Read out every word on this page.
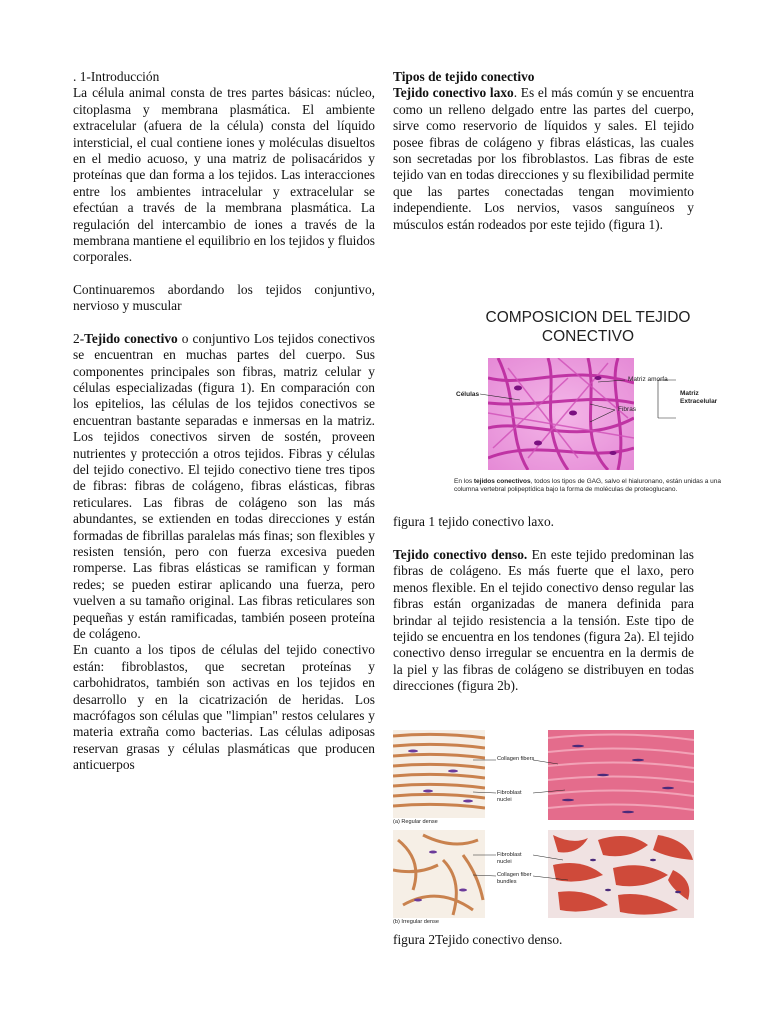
. 1-Introducción

La célula animal consta de tres partes básicas: núcleo, citoplasma y membrana plasmática. El ambiente extracelular (afuera de la célula) consta del líquido intersticial, el cual contiene iones y moléculas disueltos en el medio acuoso, y una matriz de polisacáridos y proteínas que dan forma a los tejidos. Las interacciones entre los ambientes intracelular y extracelular se efectúan a través de la membrana plasmática. La regulación del intercambio de iones a través de la membrana mantiene el equilibrio en los tejidos y fluidos corporales.

Continuaremos abordando los tejidos conjuntivo, nervioso y muscular

2-Tejido conectivo o conjuntivo Los tejidos conectivos se encuentran en muchas partes del cuerpo. Sus componentes principales son fibras, matriz celular y células especializadas (figura 1). En comparación con los epitelios, las células de los tejidos conectivos se encuentran bastante separadas e inmersas en la matriz. Los tejidos conectivos sirven de sostén, proveen nutrientes y protección a otros tejidos. Fibras y células del tejido conectivo. El tejido conectivo tiene tres tipos de fibras: fibras de colágeno, fibras elásticas, fibras reticulares. Las fibras de colágeno son las más abundantes, se extienden en todas direcciones y están formadas de fibrillas paralelas más finas; son flexibles y resisten tensión, pero con fuerza excesiva pueden romperse. Las fibras elásticas se ramifican y forman redes; se pueden estirar aplicando una fuerza, pero vuelven a su tamaño original. Las fibras reticulares son pequeñas y están ramificadas, también poseen proteína de colágeno.

En cuanto a los tipos de células del tejido conectivo están: fibroblastos, que secretan proteínas y carbohidratos, también son activas en los tejidos en desarrollo y en la cicatrización de heridas. Los macrófagos son células que "limpian" restos celulares y materia extraña como bacterias. Las células adiposas reservan grasas y células plasmáticas que producen anticuerpos

Tipos de tejido conectivo

Tejido conectivo laxo. Es el más común y se encuentra como un relleno delgado entre las partes del cuerpo, sirve como reservorio de líquidos y sales. El tejido posee fibras de colágeno y fibras elásticas, las cuales son secretadas por los fibroblastos. Las fibras de este tejido van en todas direcciones y su flexibilidad permite que las partes conectadas tengan movimiento independiente. Los nervios, vasos sanguíneos y músculos están rodeados por este tejido (figura 1).

COMPOSICION DEL TEJIDO CONECTIVO
Células
Matriz amorfa
Fibras
Matriz Extracelular
En los tejidos conectivos, todos los tipos de GAG, salvo el hialuronano, están unidas a una columna vertebral polipeptídica bajo la forma de moléculas de proteoglucano.
figura 1 tejido conectivo laxo.

Tejido conectivo denso. En este tejido predominan las fibras de colágeno. Es más fuerte que el laxo, pero menos flexible. En el tejido conectivo denso regular las fibras están organizadas de manera definida para brindar al tejido resistencia a la tensión. Este tipo de tejido se encuentra en los tendones (figura 2a). El tejido conectivo denso irregular se encuentra en la dermis de la piel y las fibras de colágeno se distribuyen en todas direcciones (figura 2b).

(a) Regular dense
Collagen fibers
Fibroblast nuclei
(b) Irregular dense
Fibroblast nuclei
Collagen fiber bundles
figura 2Tejido conectivo denso.
